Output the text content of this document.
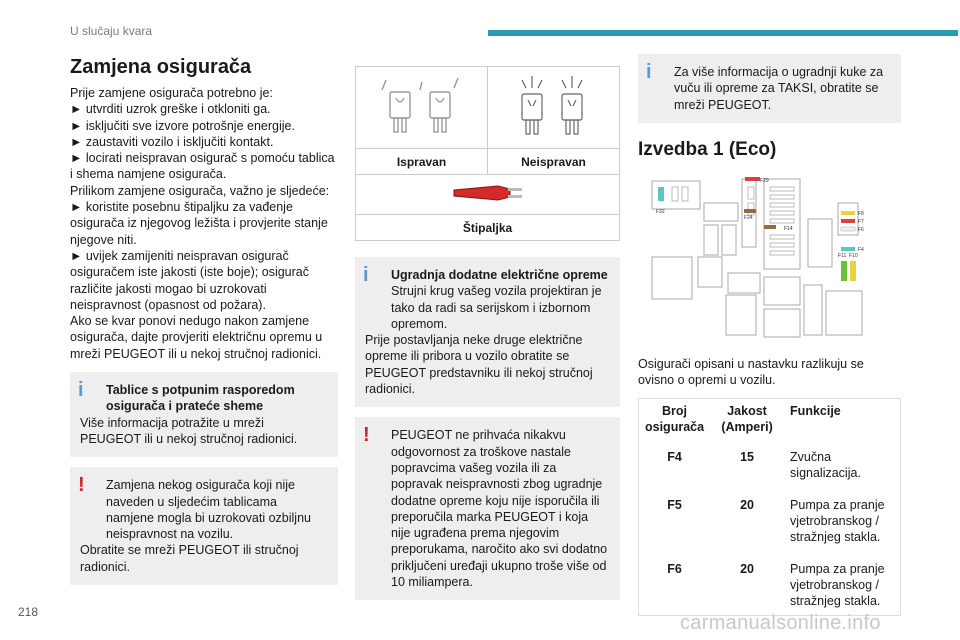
U slučaju kvara
Zamjena osigurača
Prije zamjene osigurača potrebno je:
► utvrditi uzrok greške i otkloniti ga.
► isključiti sve izvore potrošnje energije.
► zaustaviti vozilo i isključiti kontakt.
► locirati neispravan osigurač s pomoću tablica i shema namjene osigurača.
Prilikom zamjene osigurača, važno je sljedeće:
► koristite posebnu štipaljku za vađenje osigurača iz njegovog ležišta i provjerite stanje njegove niti.
► uvijek zamijeniti neispravan osigurač osiguračem iste jakosti (iste boje); osigurač različite jakosti mogao bi uzrokovati neispravnost (opasnost od požara).
Ako se kvar ponovi nedugo nakon zamjene osigurača, dajte provjeriti električnu opremu u mreži PEUGEOT ili u nekoj stručnoj radionici.
i	Tablice s potpunim rasporedom osigurača i prateće sheme
Više informacija potražite u mreži PEUGEOT ili u nekoj stručnoj radionici.
!	Zamjena nekog osigurača koji nije naveden u sljedećim tablicama namjene mogla bi uzrokovati ozbiljnu neispravnost na vozilu.
Obratite se mreži PEUGEOT ili stručnoj radionici.

Ispravan	Neispravan

Štipaljka	
i	Ugradnja dodatne električne opreme
Strujni krug vašeg vozila projektiran je tako da radi sa serijskom i izbornom opremom.
Prije postavljanja neke druge električne opreme ili pribora u vozilo obratite se PEUGEOT predstavniku ili nekoj stručnoj radionici.
!	PEUGEOT ne prihvaća nikakvu odgovornost za troškove nastale popravcima vašeg vozila ili za popravak neispravnosti zbog ugradnje dodatne opreme koju nije isporučila ili preporučila marka PEUGEOT i koja nije ugrađena prema njegovim preporukama, naročito ako svi dodatno priključeni uređaji ukupno troše više od 10 miliampera.
i	Za više informacija o ugradnji kuke za vuču ili opreme za TAKSI, obratite se mreži PEUGEOT.
Izvedba 1 (Eco)
F29
F32
F24
F14
F8
F7
F6
F4
F11 F10
Osigurači opisani u nastavku razlikuju se ovisno o opremi u vozilu.
Broj osigurača	Jakost (Amperi)	Funkcije
F4	15	Zvučna signalizacija.
F5	20	Pumpa za pranje vjetrobranskog / stražnjeg stakla.
F6	20	Pumpa za pranje vjetrobranskog / stražnjeg stakla.
218	carmanualsonline.info
